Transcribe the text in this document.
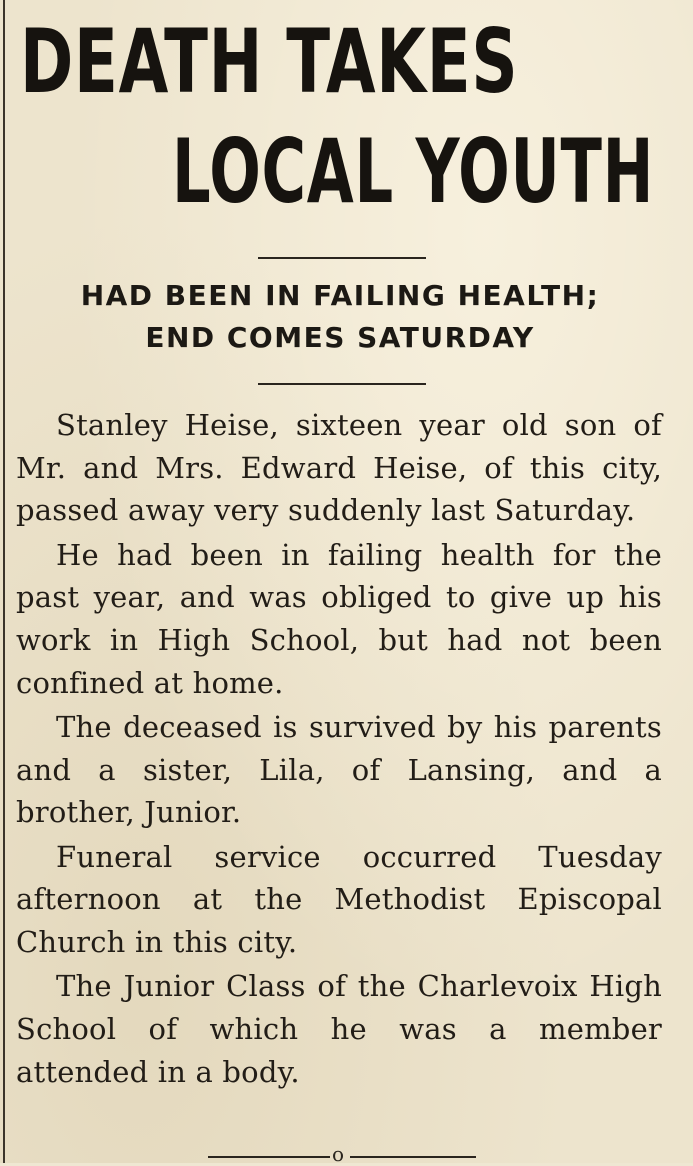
DEATH TAKES
LOCAL YOUTH
HAD BEEN IN FAILING HEALTH;
END COMES SATURDAY

Stanley Heise, sixteen year old son of Mr. and Mrs. Edward Heise, of this city, passed away very suddenly last Saturday.

He had been in failing health for the past year, and was obliged to give up his work in High School, but had not been confined at home.

The deceased is survived by his parents and a sister, Lila, of Lansing, and a brother, Junior.

Funeral service occurred Tuesday afternoon at the Methodist Episcopal Church in this city.

The Junior Class of the Charlevoix High School of which he was a member attended in a body.

o
